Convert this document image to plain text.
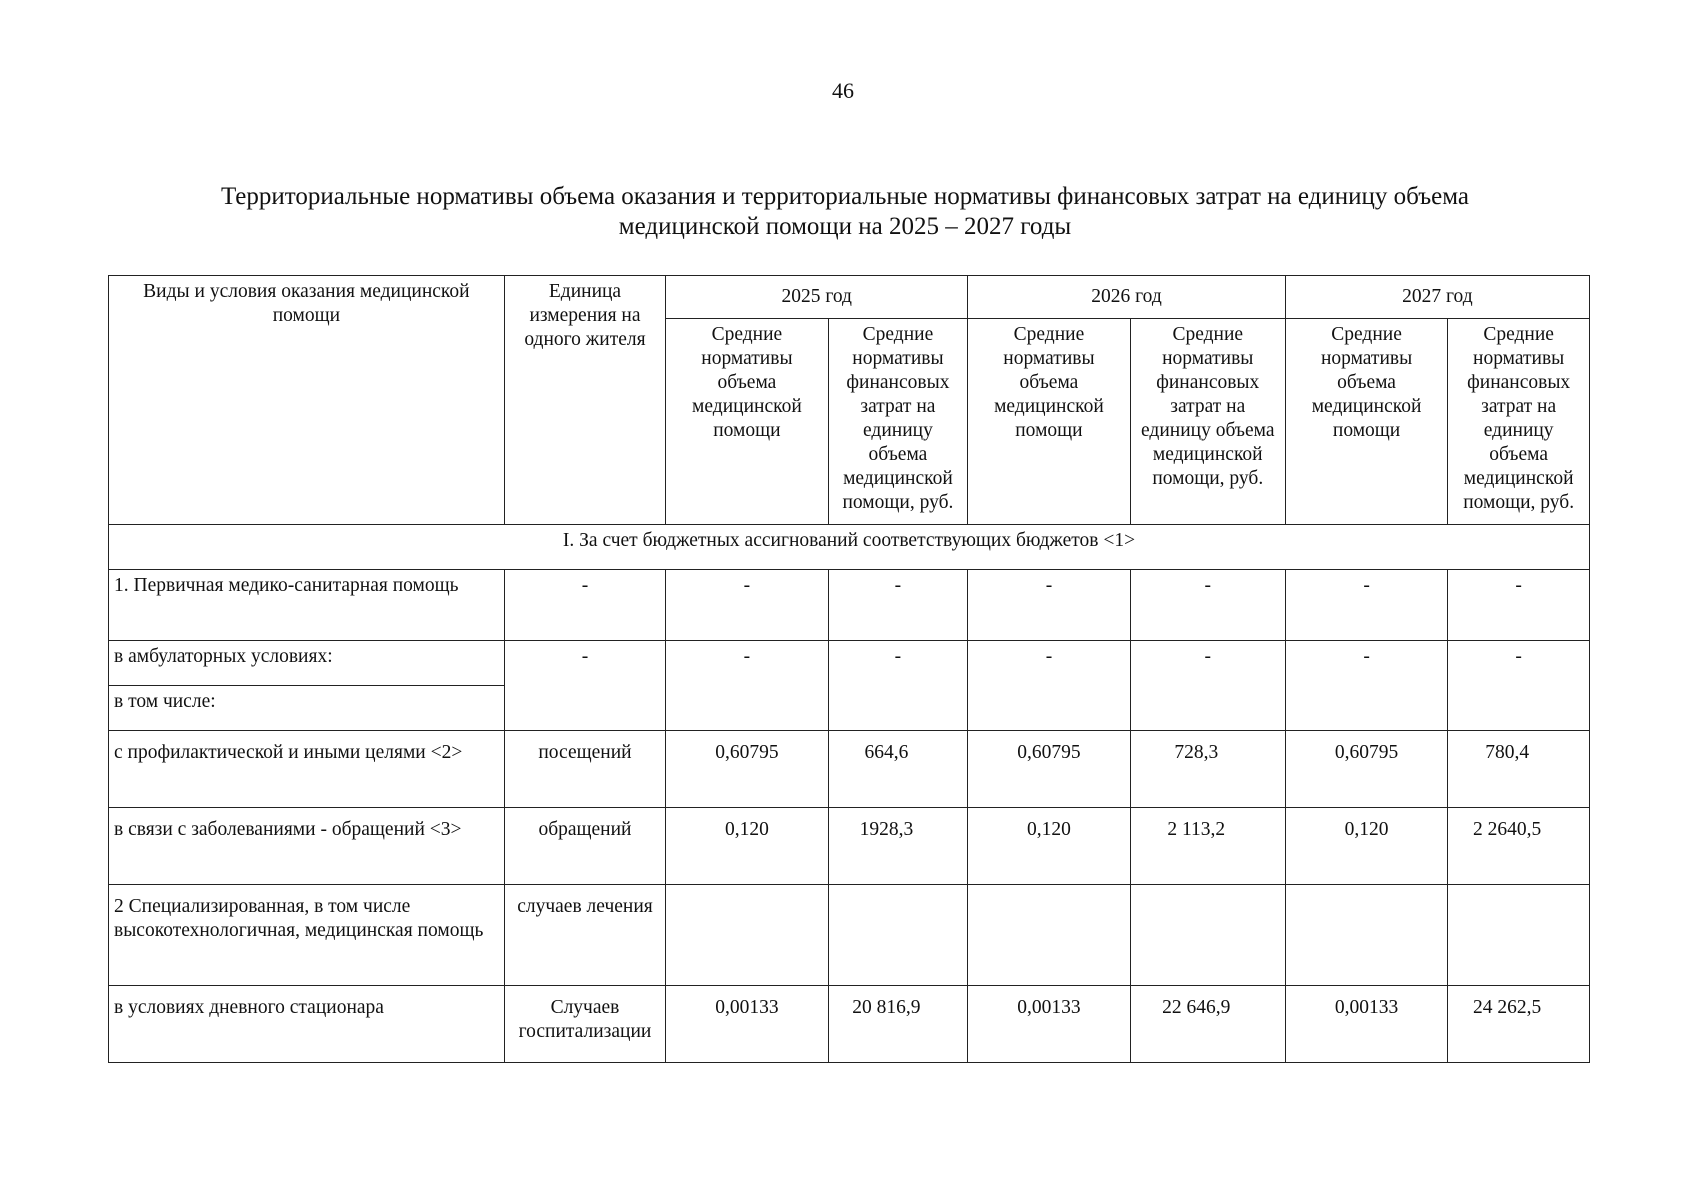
46
Территориальные нормативы объема оказания и территориальные нормативы финансовых затрат на единицу объема
медицинской помощи на 2025 – 2027 годы
Виды и условия оказания медицинской помощи	Единица измерения на одного жителя	2025 год		2026 год		2027 год	
		Средние нормативы объема медицинской помощи	Средние нормативы финансовых затрат на единицу объема медицинской помощи, руб.	Средние нормативы объема медицинской помощи	Средние нормативы финансовых затрат на единицу объема медицинской помощи, руб.	Средние нормативы объема медицинской помощи	Средние нормативы финансовых затрат на единицу объема медицинской помощи, руб.
I. За счет бюджетных ассигнований соответствующих бюджетов <1>							
1. Первичная медико-санитарная помощь	-	-	-	-	-	-	-
в амбулаторных условиях:	-	-	-	-	-	-	-
в том числе:							
с профилактической и иными целями <2>	посещений	0,60795	664,6	0,60795	728,3	0,60795	780,4
в связи с заболеваниями - обращений <3>	обращений	0,120	1928,3	0,120	2 113,2	0,120	2 2640,5
2 Специализированная, в том числе высокотехнологичная, медицинская помощь	случаев лечения						
в условиях дневного стационара	Случаев госпитализации	0,00133	20 816,9	0,00133	22 646,9	0,00133	24 262,5
